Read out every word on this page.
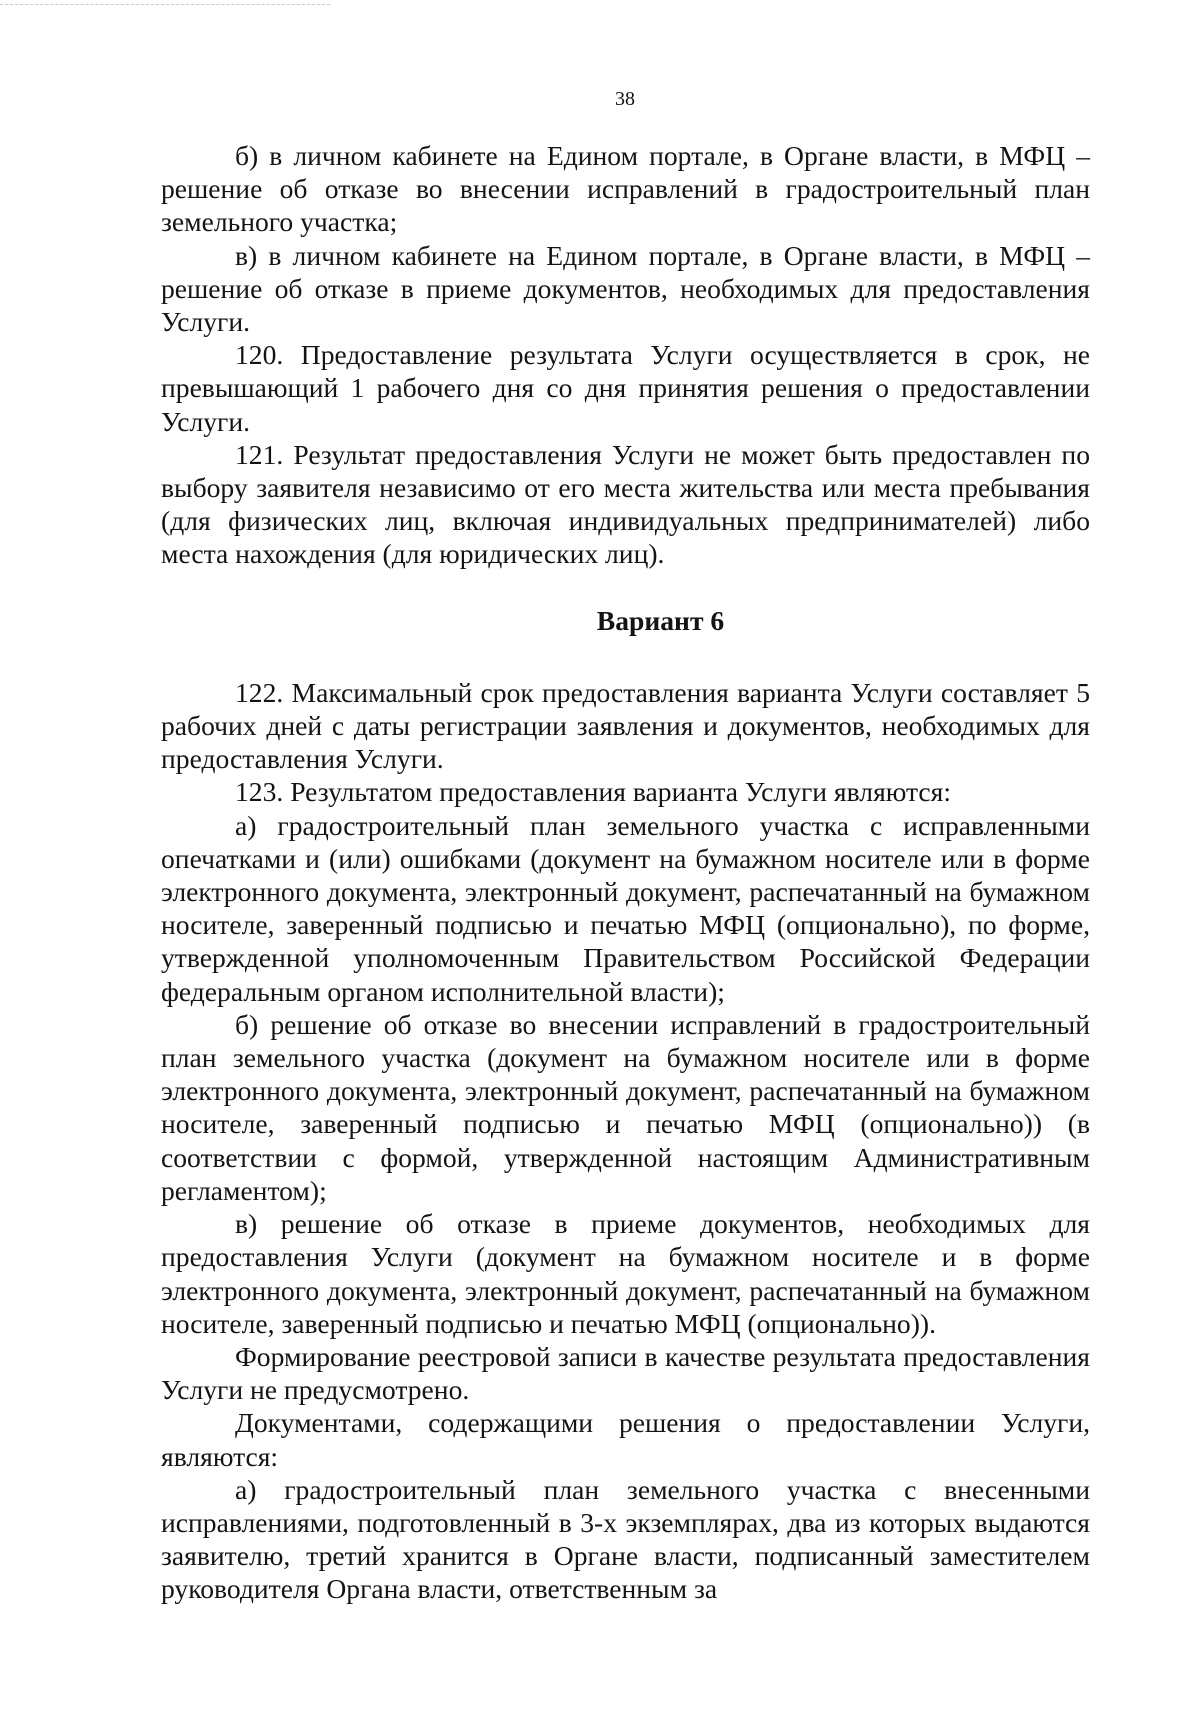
38

б) в личном кабинете на Едином портале, в Органе власти, в МФЦ – решение об отказе во внесении исправлений в градостроительный план земельного участка;

в) в личном кабинете на Едином портале, в Органе власти, в МФЦ – решение об отказе в приеме документов, необходимых для предоставления Услуги.

120. Предоставление результата Услуги осуществляется в срок, не превышающий 1 рабочего дня со дня принятия решения о предоставлении Услуги.

121. Результат предоставления Услуги не может быть предоставлен по выбору заявителя независимо от его места жительства или места пребывания (для физических лиц, включая индивидуальных предпринимателей) либо места нахождения (для юридических лиц).

Вариант 6

122. Максимальный срок предоставления варианта Услуги составляет 5 рабочих дней с даты регистрации заявления и документов, необходимых для предоставления Услуги.

123. Результатом предоставления варианта Услуги являются:

а) градостроительный план земельного участка с исправленными опечатками и (или) ошибками (документ на бумажном носителе или в форме электронного документа, электронный документ, распечатанный на бумажном носителе, заверенный подписью и печатью МФЦ (опционально), по форме, утвержденной уполномоченным Правительством Российской Федерации федеральным органом исполнительной власти);

б) решение об отказе во внесении исправлений в градостроительный план земельного участка (документ на бумажном носителе или в форме электронного документа, электронный документ, распечатанный на бумажном носителе, заверенный подписью и печатью МФЦ (опционально)) (в соответствии с формой, утвержденной настоящим Административным регламентом);

в) решение об отказе в приеме документов, необходимых для предоставления Услуги (документ на бумажном носителе и в форме электронного документа, электронный документ, распечатанный на бумажном носителе, заверенный подписью и печатью МФЦ (опционально)).

Формирование реестровой записи в качестве результата предоставления Услуги не предусмотрено.

Документами, содержащими решения о предоставлении Услуги, являются:

а) градостроительный план земельного участка с внесенными исправлениями, подготовленный в 3-х экземплярах, два из которых выдаются заявителю, третий хранится в Органе власти, подписанный заместителем руководителя Органа власти, ответственным за
